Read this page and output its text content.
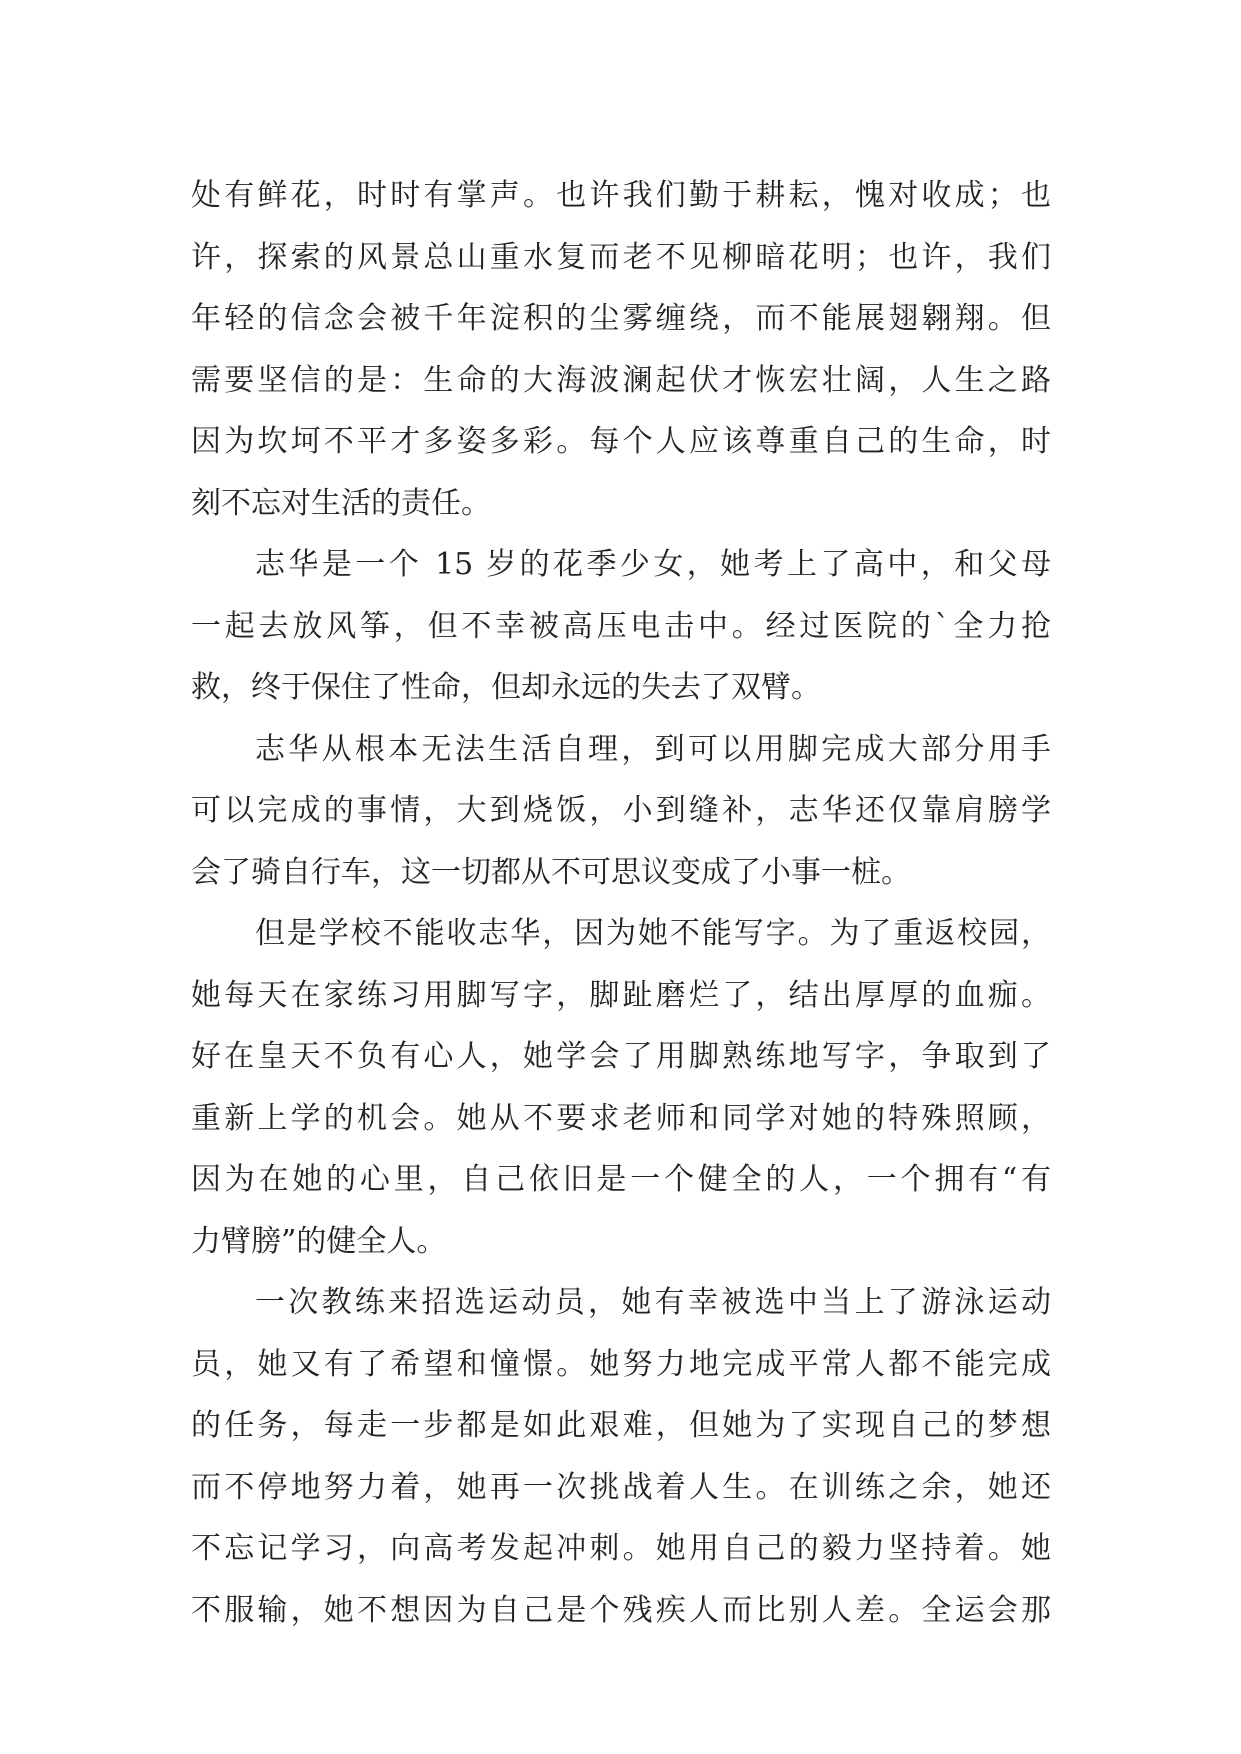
处有鲜花，时时有掌声。也许我们勤于耕耘，愧对收成；也
许，探索的风景总山重水复而老不见柳暗花明；也许，我们
年轻的信念会被千年淀积的尘雾缠绕，而不能展翅翱翔。但
需要坚信的是：生命的大海波澜起伏才恢宏壮阔，人生之路
因为坎坷不平才多姿多彩。每个人应该尊重自己的生命，时
刻不忘对生活的责任。
志华是一个 15 岁的花季少女，她考上了高中，和父母
一起去放风筝，但不幸被高压电击中。经过医院的`全力抢
救，终于保住了性命，但却永远的失去了双臂。
志华从根本无法生活自理，到可以用脚完成大部分用手
可以完成的事情，大到烧饭，小到缝补，志华还仅靠肩膀学
会了骑自行车，这一切都从不可思议变成了小事一桩。
但是学校不能收志华，因为她不能写字。为了重返校园，
她每天在家练习用脚写字，脚趾磨烂了，结出厚厚的血痂。
好在皇天不负有心人，她学会了用脚熟练地写字，争取到了
重新上学的机会。她从不要求老师和同学对她的特殊照顾，
因为在她的心里，自己依旧是一个健全的人，一个拥有“有
力臂膀”的健全人。
一次教练来招选运动员，她有幸被选中当上了游泳运动
员，她又有了希望和憧憬。她努力地完成平常人都不能完成
的任务，每走一步都是如此艰难，但她为了实现自己的梦想
而不停地努力着，她再一次挑战着人生。在训练之余，她还
不忘记学习，向高考发起冲刺。她用自己的毅力坚持着。她
不服输，她不想因为自己是个残疾人而比别人差。全运会那
